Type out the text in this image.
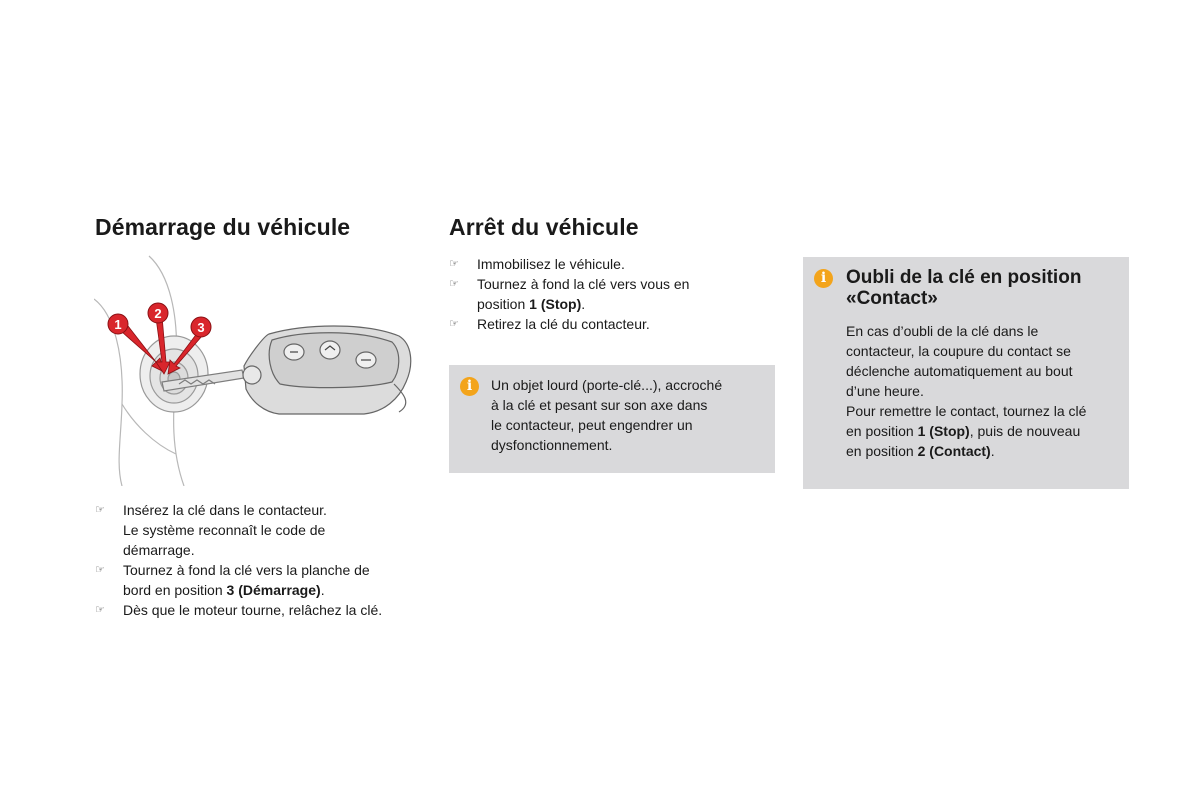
Démarrage du véhicule
1
2
3
☞ Insérez la clé dans le contacteur.
Le système reconnaît le code de
démarrage.
☞ Tournez à fond la clé vers la planche de
bord en position 3 (Démarrage).
☞ Dès que le moteur tourne, relâchez la clé.
Arrêt du véhicule
☞ Immobilisez le véhicule.
☞ Tournez à fond la clé vers vous en
position 1 (Stop).
☞ Retirez la clé du contacteur.
i	Un objet lourd (porte-clé...), accroché
à la clé et pesant sur son axe dans
le contacteur, peut engendrer un
dysfonctionnement.
i	Oubli de la clé en position
«Contact»
En cas d’oubli de la clé dans le
contacteur, la coupure du contact se
déclenche automatiquement au bout
d’une heure.
Pour remettre le contact, tournez la clé
en position 1 (Stop), puis de nouveau
en position 2 (Contact).
